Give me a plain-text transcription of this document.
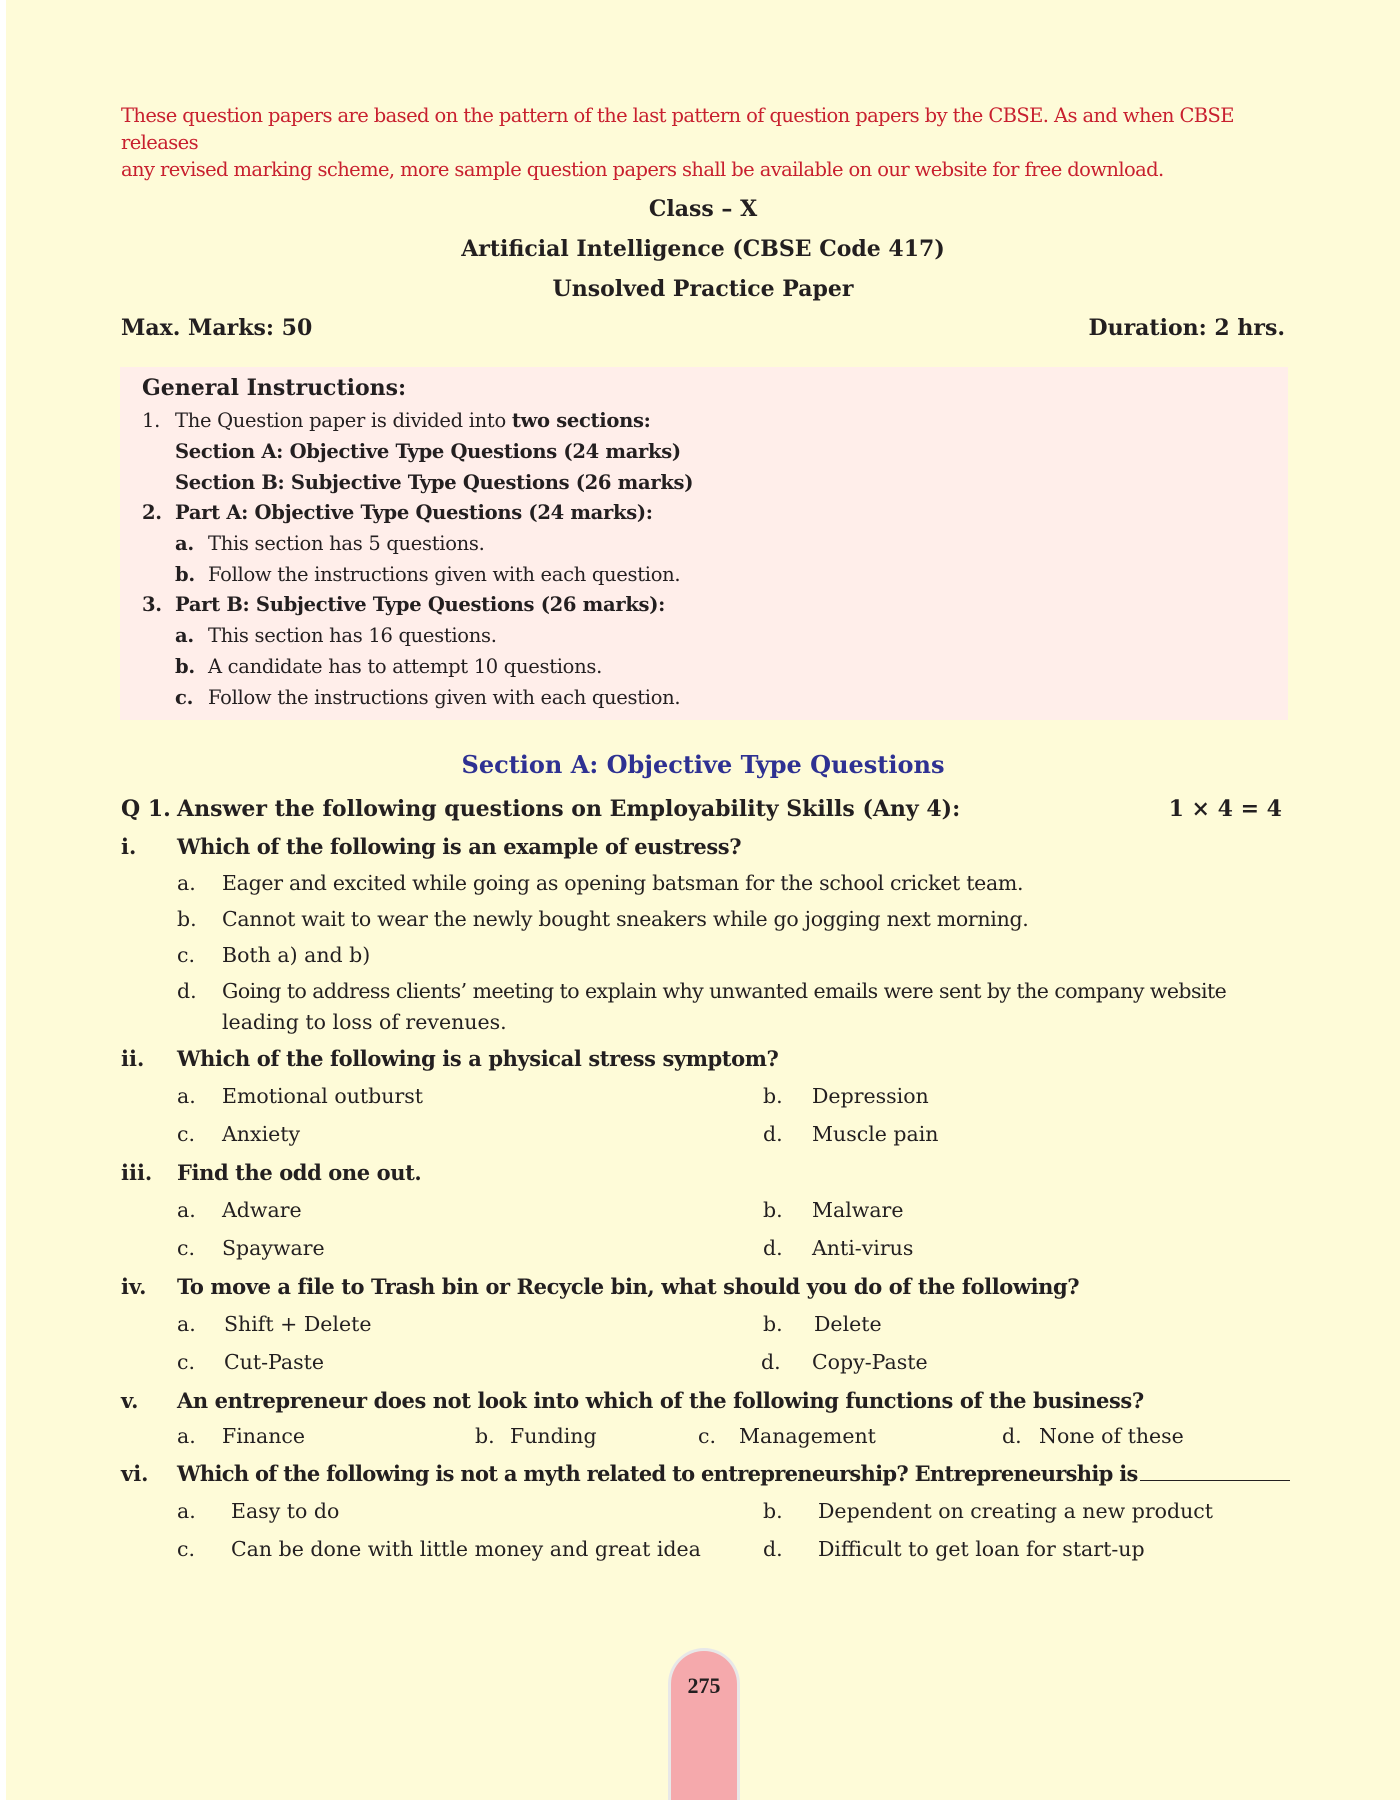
These question papers are based on the pattern of the last pattern of question papers by the CBSE. As and when CBSE releases
any revised marking scheme, more sample question papers shall be available on our website for free download.
Class – X
Artificial Intelligence (CBSE Code 417)
Unsolved Practice Paper
Max. Marks: 50	Duration: 2 hrs.
General Instructions:
1. The Question paper is divided into two sections:
Section A: Objective Type Questions (24 marks)
Section B: Subjective Type Questions (26 marks)
2. Part A: Objective Type Questions (24 marks):
a. This section has 5 questions.
b. Follow the instructions given with each question.
3. Part B: Subjective Type Questions (26 marks):
a. This section has 16 questions.
b. A candidate has to attempt 10 questions.
c. Follow the instructions given with each question.
Section A: Objective Type Questions
Q 1. Answer the following questions on Employability Skills (Any 4):	1 × 4 = 4
i. Which of the following is an example of eustress?
a. Eager and excited while going as opening batsman for the school cricket team.
b. Cannot wait to wear the newly bought sneakers while go jogging next morning.
c. Both a) and b)
d. Going to address clients’ meeting to explain why unwanted emails were sent by the company website
leading to loss of revenues.
ii. Which of the following is a physical stress symptom?
a. Emotional outburst	b. Depression
c. Anxiety	d. Muscle pain
iii. Find the odd one out.
a. Adware	b. Malware
c. Spayware	d. Anti-virus
iv. To move a file to Trash bin or Recycle bin, what should you do of the following?
a. Shift + Delete	b. Delete
c. Cut-Paste	d. Copy-Paste
v. An entrepreneur does not look into which of the following functions of the business?
a. Finance	b. Funding	c. Management	d. None of these
vi. Which of the following is not a myth related to entrepreneurship? Entrepreneurship is
a. Easy to do	b. Dependent on creating a new product
c. Can be done with little money and great idea	d. Difficult to get loan for start-up
275
